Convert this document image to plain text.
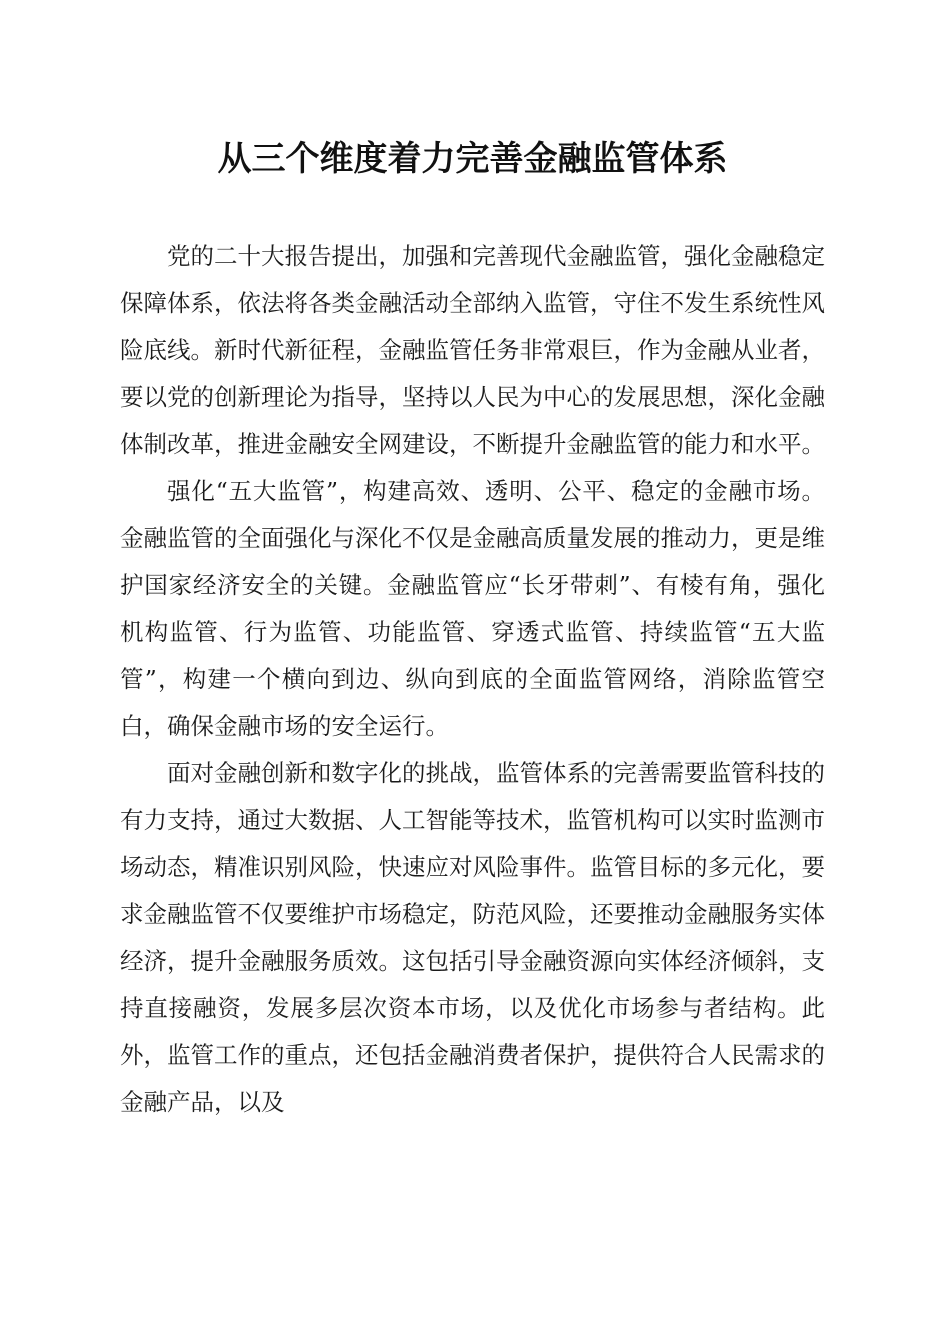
从三个维度着力完善金融监管体系

党的二十大报告提出，加强和完善现代金融监管，强化金融稳定保障体系，依法将各类金融活动全部纳入监管，守住不发生系统性风险底线。新时代新征程，金融监管任务非常艰巨，作为金融从业者，要以党的创新理论为指导，坚持以人民为中心的发展思想，深化金融体制改革，推进金融安全网建设，不断提升金融监管的能力和水平。

强化“五大监管”，构建高效、透明、公平、稳定的金融市场。金融监管的全面强化与深化不仅是金融高质量发展的推动力，更是维护国家经济安全的关键。金融监管应“长牙带刺”、有棱有角，强化机构监管、行为监管、功能监管、穿透式监管、持续监管“五大监管”，构建一个横向到边、纵向到底的全面监管网络，消除监管空白，确保金融市场的安全运行。

面对金融创新和数字化的挑战，监管体系的完善需要监管科技的有力支持，通过大数据、人工智能等技术，监管机构可以实时监测市场动态，精准识别风险，快速应对风险事件。监管目标的多元化，要求金融监管不仅要维护市场稳定，防范风险，还要推动金融服务实体经济，提升金融服务质效。这包括引导金融资源向实体经济倾斜，支持直接融资，发展多层次资本市场，以及优化市场参与者结构。此外，监管工作的重点，还包括金融消费者保护，提供符合人民需求的金融产品，以及
